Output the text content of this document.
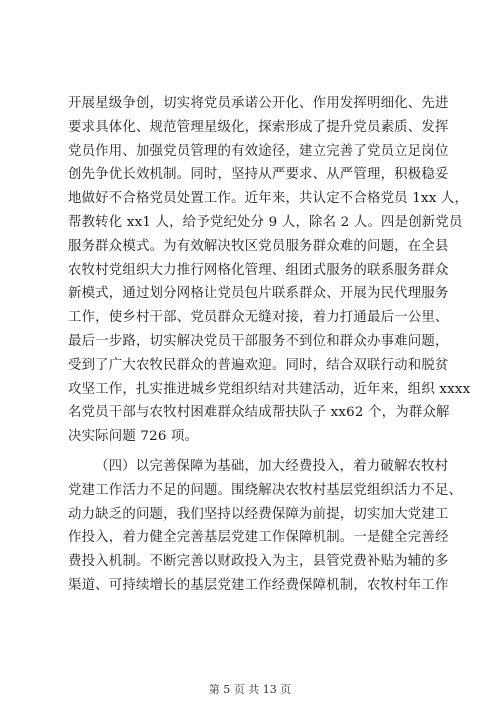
开展星级争创，切实将党员承诺公开化、作用发挥明细化、先进
要求具体化、规范管理星级化，探索形成了提升党员素质、发挥
党员作用、加强党员管理的有效途径，建立完善了党员立足岗位
创先争优长效机制。同时，坚持从严要求、从严管理，积极稳妥
地做好不合格党员处置工作。近年来，共认定不合格党员 1xx 人，
帮教转化 xx1 人，给予党纪处分 9 人，除名 2 人。四是创新党员
服务群众模式。为有效解决牧区党员服务群众难的问题，在全县
农牧村党组织大力推行网格化管理、组团式服务的联系服务群众
新模式，通过划分网格让党员包片联系群众、开展为民代理服务
工作，使乡村干部、党员群众无缝对接，着力打通最后一公里、
最后一步路，切实解决党员干部服务不到位和群众办事难问题，
受到了广大农牧民群众的普遍欢迎。同时，结合双联行动和脱贫
攻坚工作，扎实推进城乡党组织结对共建活动，近年来，组织 xxxx
名党员干部与农牧村困难群众结成帮扶队子 xx62 个，为群众解
决实际问题 726 项。
（四）以完善保障为基础，加大经费投入，着力破解农牧村
党建工作活力不足的问题。围绕解决农牧村基层党组织活力不足、
动力缺乏的问题，我们坚持以经费保障为前提，切实加大党建工
作投入，着力健全完善基层党建工作保障机制。一是健全完善经
费投入机制。不断完善以财政投入为主，县管党费补贴为辅的多
渠道、可持续增长的基层党建工作经费保障机制，农牧村年工作
第 5 页 共 13 页
